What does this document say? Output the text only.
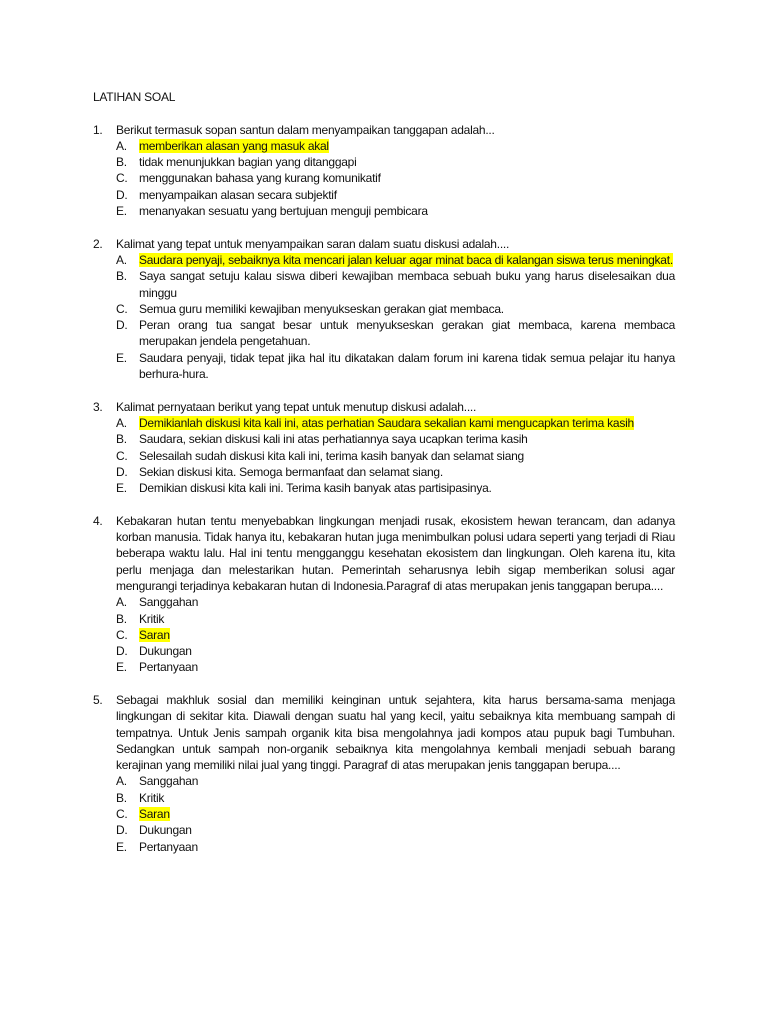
LATIHAN SOAL
1. Berikut termasuk sopan santun dalam menyampaikan tanggapan adalah...
A. memberikan alasan yang masuk akal
B. tidak menunjukkan bagian yang ditanggapi
C. menggunakan bahasa yang kurang komunikatif
D. menyampaikan alasan secara subjektif
E. menanyakan sesuatu yang bertujuan menguji pembicara
2. Kalimat yang tepat untuk menyampaikan saran dalam suatu diskusi adalah....
A. Saudara penyaji, sebaiknya kita mencari jalan keluar agar minat baca di kalangan siswa terus meningkat.
B. Saya sangat setuju kalau siswa diberi kewajiban membaca sebuah buku yang harus diselesaikan dua minggu
C. Semua guru memiliki kewajiban menyukseskan gerakan giat membaca.
D. Peran orang tua sangat besar untuk menyukseskan gerakan giat membaca, karena membaca merupakan jendela pengetahuan.
E. Saudara penyaji, tidak tepat jika hal itu dikatakan dalam forum ini karena tidak semua pelajar itu hanya berhura-hura.
3. Kalimat pernyataan berikut yang tepat untuk menutup diskusi adalah....
A. Demikianlah diskusi kita kali ini, atas perhatian Saudara sekalian kami mengucapkan terima kasih
B. Saudara, sekian diskusi kali ini atas perhatiannya saya ucapkan terima kasih
C. Selesailah sudah diskusi kita kali ini, terima kasih banyak dan selamat siang
D. Sekian diskusi kita. Semoga bermanfaat dan selamat siang.
E. Demikian diskusi kita kali ini. Terima kasih banyak atas partisipasinya.
4. Kebakaran hutan tentu menyebabkan lingkungan menjadi rusak, ekosistem hewan terancam, dan adanya korban manusia. Tidak hanya itu, kebakaran hutan juga menimbulkan polusi udara seperti yang terjadi di Riau beberapa waktu lalu. Hal ini tentu mengganggu kesehatan ekosistem dan lingkungan. Oleh karena itu, kita perlu menjaga dan melestarikan hutan. Pemerintah seharusnya lebih sigap memberikan solusi agar mengurangi terjadinya kebakaran hutan di Indonesia.Paragraf di atas merupakan jenis tanggapan berupa....
A. Sanggahan
B. Kritik
C. Saran
D. Dukungan
E. Pertanyaan
5. Sebagai makhluk sosial dan memiliki keinginan untuk sejahtera, kita harus bersama-sama menjaga lingkungan di sekitar kita. Diawali dengan suatu hal yang kecil, yaitu sebaiknya kita membuang sampah di tempatnya. Untuk Jenis sampah organik kita bisa mengolahnya jadi kompos atau pupuk bagi Tumbuhan. Sedangkan untuk sampah non-organik sebaiknya kita mengolahnya kembali menjadi sebuah barang kerajinan yang memiliki nilai jual yang tinggi. Paragraf di atas merupakan jenis tanggapan berupa....
A. Sanggahan
B. Kritik
C. Saran
D. Dukungan
E. Pertanyaan
